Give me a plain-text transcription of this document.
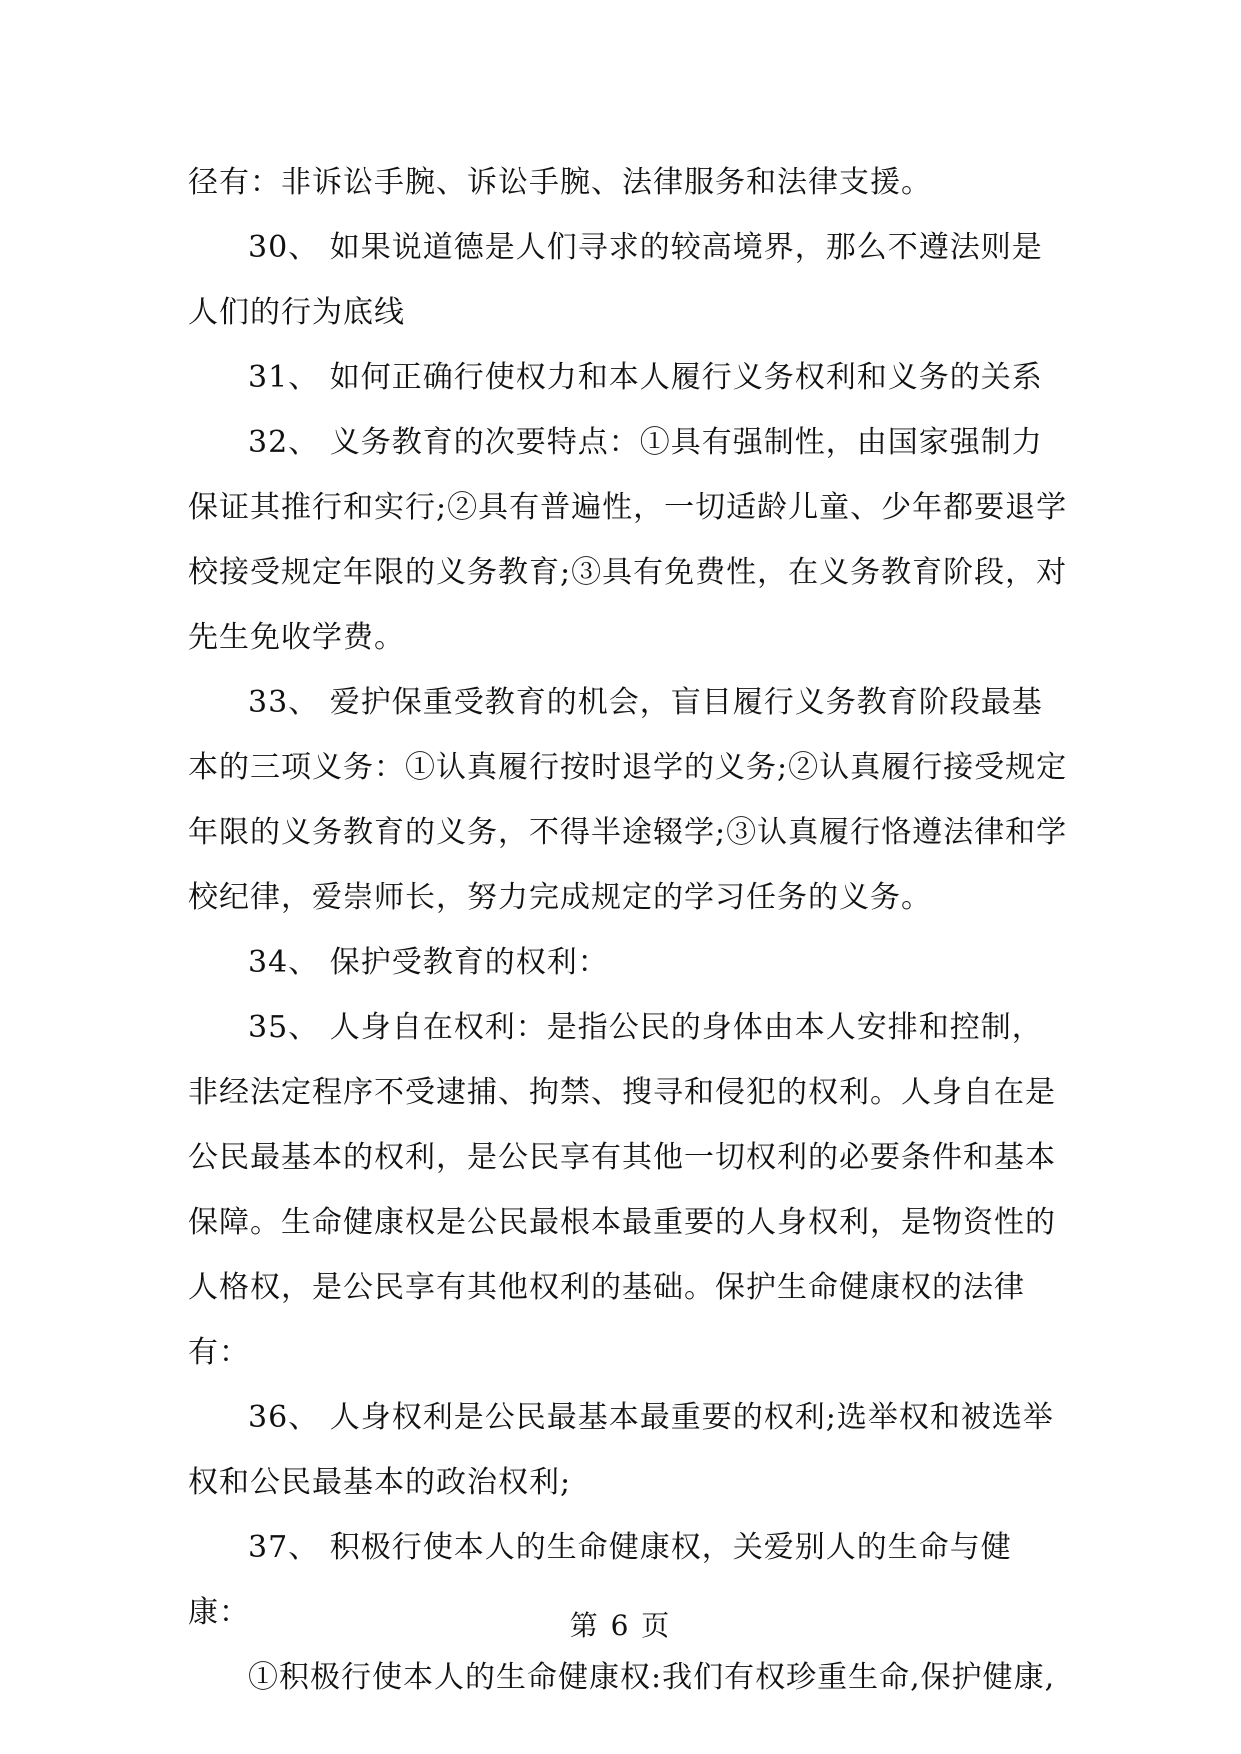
径有：非诉讼手腕、诉讼手腕、法律服务和法律支援。

30、 如果说道德是人们寻求的较高境界，那么不遵法则是人们的行为底线

31、 如何正确行使权力和本人履行义务权利和义务的关系

32、 义务教育的次要特点：①具有强制性，由国家强制力保证其推行和实行;②具有普遍性，一切适龄儿童、少年都要退学校接受规定年限的义务教育;③具有免费性，在义务教育阶段，对先生免收学费。

33、 爱护保重受教育的机会，盲目履行义务教育阶段最基本的三项义务：①认真履行按时退学的义务;②认真履行接受规定年限的义务教育的义务，不得半途辍学;③认真履行恪遵法律和学校纪律，爱崇师长，努力完成规定的学习任务的义务。

34、 保护受教育的权利：

35、 人身自在权利：是指公民的身体由本人安排和控制，非经法定程序不受逮捕、拘禁、搜寻和侵犯的权利。人身自在是公民最基本的权利，是公民享有其他一切权利的必要条件和基本保障。生命健康权是公民最根本最重要的人身权利，是物资性的人格权，是公民享有其他权利的基础。保护生命健康权的法律有：

36、 人身权利是公民最基本最重要的权利;选举权和被选举权和公民最基本的政治权利;

37、 积极行使本人的生命健康权，关爱别人的生命与健康：

①积极行使本人的生命健康权:我们有权珍重生命,保护健康,

第 6 页
